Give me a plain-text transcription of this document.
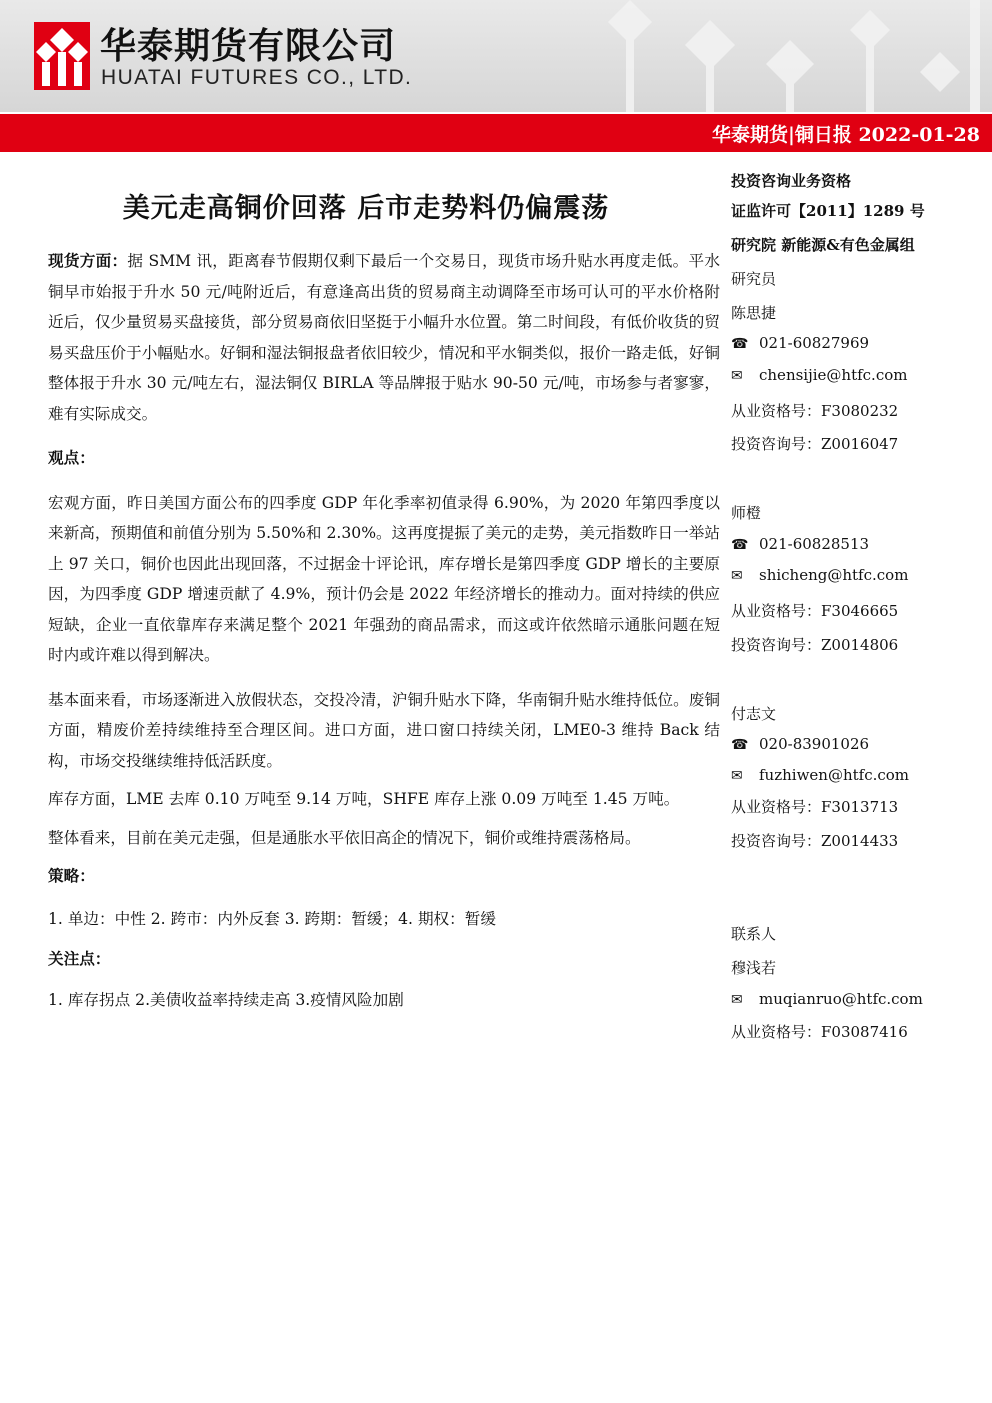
华泰期货有限公司
HUATAI FUTURES CO., LTD.
华泰期货|铜日报 2022-01-28
美元走高铜价回落 后市走势料仍偏震荡

现货方面：据 SMM 讯，距离春节假期仅剩下最后一个交易日，现货市场升贴水再度走低。平水铜早市始报于升水 50 元/吨附近后，有意逢高出货的贸易商主动调降至市场可认可的平水价格附近后，仅少量贸易买盘接货，部分贸易商依旧坚挺于小幅升水位置。第二时间段，有低价收货的贸易买盘压价于小幅贴水。好铜和湿法铜报盘者依旧较少，情况和平水铜类似，报价一路走低，好铜整体报于升水 30 元/吨左右，湿法铜仅 BIRLA 等品牌报于贴水 90-50 元/吨，市场参与者寥寥，难有实际成交。

观点：

宏观方面，昨日美国方面公布的四季度 GDP 年化季率初值录得 6.90%，为 2020 年第四季度以来新高，预期值和前值分别为 5.50%和 2.30%。这再度提振了美元的走势，美元指数昨日一举站上 97 关口，铜价也因此出现回落，不过据金十评论讯，库存增长是第四季度 GDP 增长的主要原因，为四季度 GDP 增速贡献了 4.9%，预计仍会是 2022 年经济增长的推动力。面对持续的供应短缺，企业一直依靠库存来满足整个 2021 年强劲的商品需求，而这或许依然暗示通胀问题在短时内或许难以得到解决。

基本面来看，市场逐渐进入放假状态，交投冷清，沪铜升贴水下降，华南铜升贴水维持低位。废铜方面，精废价差持续维持至合理区间。进口方面，进口窗口持续关闭，LME0-3 维持 Back 结构，市场交投继续维持低活跃度。

库存方面，LME 去库 0.10 万吨至 9.14 万吨，SHFE 库存上涨 0.09 万吨至 1.45 万吨。

整体看来，目前在美元走强，但是通胀水平依旧高企的情况下，铜价或维持震荡格局。

策略：

1. 单边：中性 2. 跨市：内外反套 3. 跨期：暂缓；4. 期权：暂缓

关注点：

1. 库存拐点 2.美债收益率持续走高 3.疫情风险加剧

投资咨询业务资格
证监许可【2011】1289 号
研究院 新能源&有色金属组
研究员
陈思捷
☎ 021-60827969
✉ chensijie@htfc.com
从业资格号：F3080232
投资咨询号：Z0016047
师橙
☎ 021-60828513
✉ shicheng@htfc.com
从业资格号：F3046665
投资咨询号：Z0014806
付志文
☎ 020-83901026
✉ fuzhiwen@htfc.com
从业资格号：F3013713
投资咨询号：Z0014433
联系人
穆浅若
✉ muqianruo@htfc.com
从业资格号：F03087416
